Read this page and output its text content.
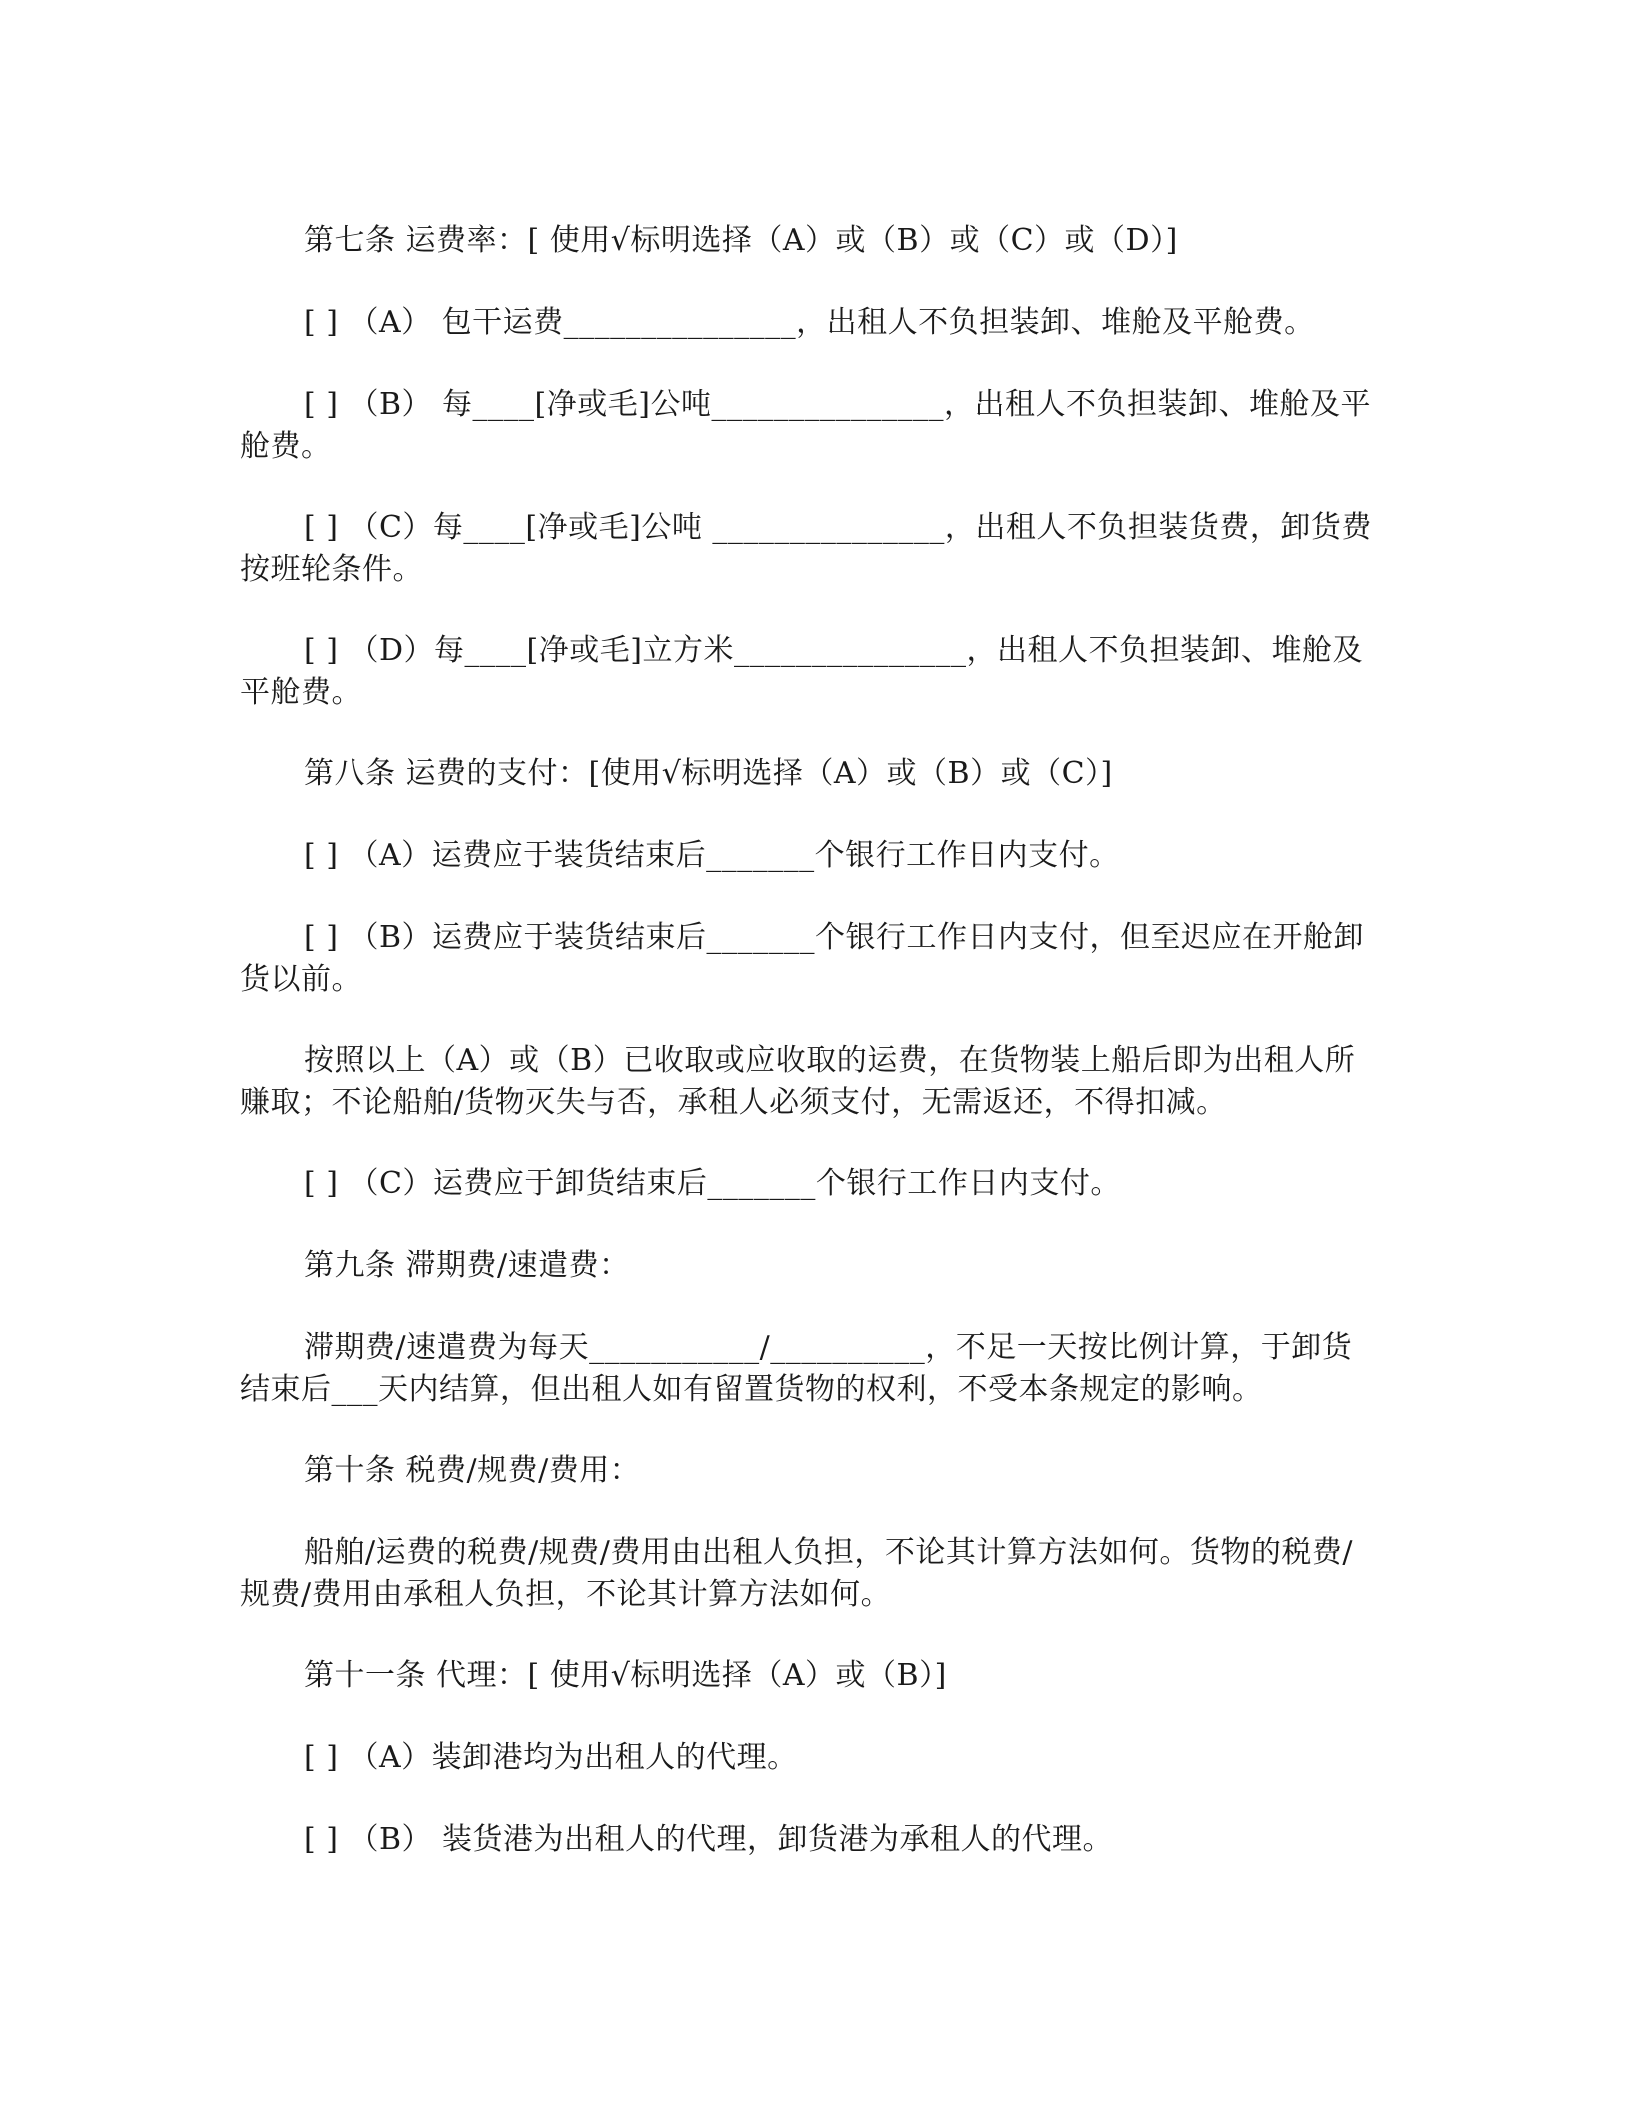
第七条 运费率：[ 使用√标明选择（A）或（B）或（C）或（D）]

[ ] （A） 包干运费_______________，出租人不负担装卸、堆舱及平舱费。

[ ] （B） 每____[净或毛]公吨_______________，出租人不负担装卸、堆舱及平舱费。

[ ] （C）每____[净或毛]公吨 _______________，出租人不负担装货费，卸货费按班轮条件。

[ ] （D）每____[净或毛]立方米_______________，出租人不负担装卸、堆舱及平舱费。

第八条 运费的支付：[使用√标明选择（A）或（B）或（C）]

[ ] （A）运费应于装货结束后_______个银行工作日内支付。

[ ] （B）运费应于装货结束后_______个银行工作日内支付，但至迟应在开舱卸货以前。

按照以上（A）或（B）已收取或应收取的运费，在货物装上船后即为出租人所赚取；不论船舶/货物灭失与否，承租人必须支付，无需返还，不得扣减。

[ ] （C）运费应于卸货结束后_______个银行工作日内支付。

第九条 滞期费/速遣费：

滞期费/速遣费为每天___________/__________，不足一天按比例计算，于卸货结束后___天内结算，但出租人如有留置货物的权利，不受本条规定的影响。

第十条 税费/规费/费用：

船舶/运费的税费/规费/费用由出租人负担，不论其计算方法如何。货物的税费/规费/费用由承租人负担，不论其计算方法如何。

第十一条 代理：[ 使用√标明选择（A）或（B）]

[ ] （A）装卸港均为出租人的代理。

[ ] （B） 装货港为出租人的代理，卸货港为承租人的代理。
